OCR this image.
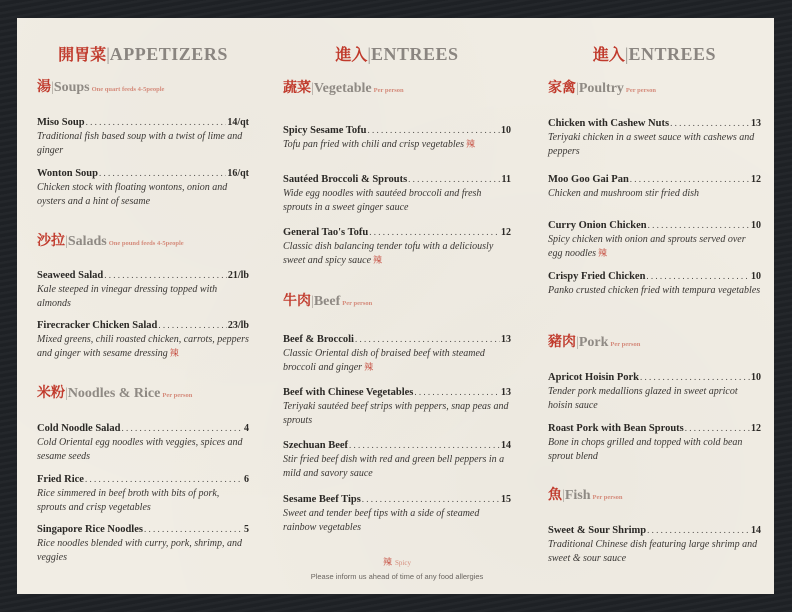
開胃菜|APPETIZERS
湯|Soups One quart feeds 4-5people
Miso Soup . . .	14/qt
Traditional fish based soup with a twist of lime and ginger
Wonton Soup . . .	16/qt
Chicken stock with floating wontons, onion and oysters and a hint of sesame
沙拉|Salads One pound feeds 4-5people
Seaweed Salad . . .	21/lb
Kale steeped in vinegar dressing topped with almonds
Firecracker Chicken Salad . . .	23/lb
Mixed greens, chili roasted chicken, carrots, peppers and ginger with sesame dressing 辣
米粉|Noodles & Rice Per person
Cold Noodle Salad . . .	4
Cold Oriental egg noodles with veggies, spices and sesame seeds
Fried Rice . . .	6
Rice simmered in beef broth with bits of pork, sprouts and crisp vegetables
Singapore Rice Noodles . . .	5
Rice noodles blended with curry, pork, shrimp, and veggies
進入|ENTREES
蔬菜|Vegetable Per person
Spicy Sesame Tofu . . .	10
Tofu pan fried with chili and crisp vegetables 辣
Sautéed Broccoli & Sprouts . . .	11
Wide egg noodles with sautéed broccoli and fresh sprouts in a sweet ginger sauce
General Tao's Tofu . . .	12
Classic dish balancing tender tofu with a deliciously sweet and spicy sauce 辣
牛肉|Beef Per person
Beef & Broccoli . . .	13
Classic Oriental dish of braised beef with steamed broccoli and ginger 辣
Beef with Chinese Vegetables . . .	13
Teriyaki sautéed beef strips with peppers, snap peas and sprouts
Szechuan Beef . . .	14
Stir fried beef dish with red and green bell peppers in a mild and savory sauce
Sesame Beef Tips . . .	15
Sweet and tender beef tips with a side of steamed rainbow vegetables
辣 Spicy
Please inform us ahead of time of any food allergies
進入|ENTREES
家禽|Poultry Per person
Chicken with Cashew Nuts . . .	13
Teriyaki chicken in a sweet sauce with cashews and peppers
Moo Goo Gai Pan . . .	12
Chicken and mushroom stir fried dish
Curry Onion Chicken . . .	10
Spicy chicken with onion and sprouts served over egg noodles 辣
Crispy Fried Chicken . . .	10
Panko crusted chicken fried with tempura vegetables
豬肉|Pork Per person
Apricot Hoisin Pork . . .	10
Tender pork medallions glazed in sweet apricot hoisin sauce
Roast Pork with Bean Sprouts . . .	12
Bone in chops grilled and topped with cold bean sprout blend
魚|Fish Per person
Sweet & Sour Shrimp . . .	14
Traditional Chinese dish featuring large shrimp and sweet & sour sauce
